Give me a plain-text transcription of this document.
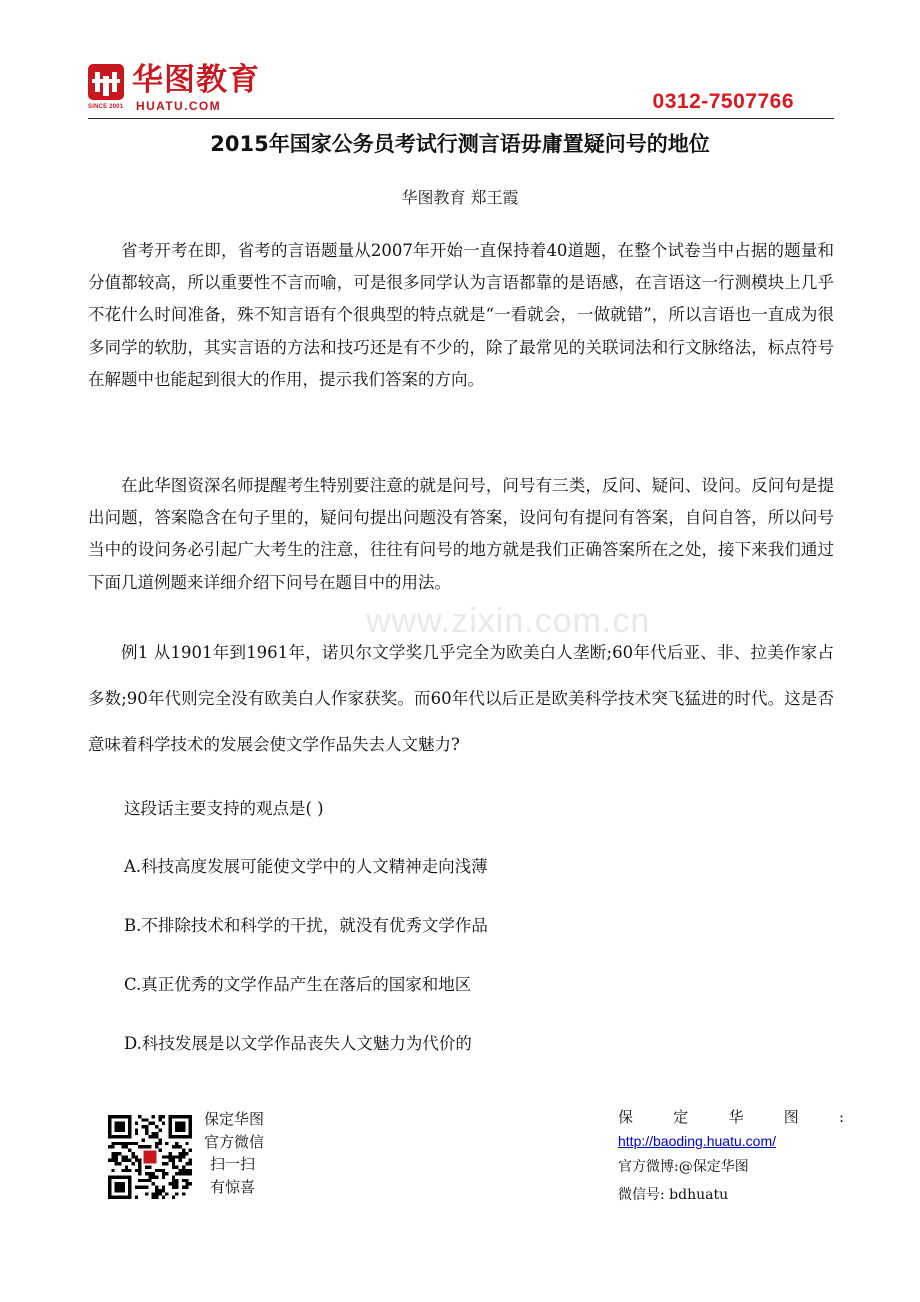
SINCE 2001
华图教育
HUATU.COM	0312-7507766
2015年国家公务员考试行测言语毋庸置疑问号的地位
华图教育 郑王霞

省考开考在即，省考的言语题量从2007年开始一直保持着40道题，在整个试卷当中占据的题量和分值都较高，所以重要性不言而喻，可是很多同学认为言语都靠的是语感，在言语这一行测模块上几乎不花什么时间准备，殊不知言语有个很典型的特点就是“一看就会，一做就错”，所以言语也一直成为很多同学的软肋，其实言语的方法和技巧还是有不少的，除了最常见的关联词法和行文脉络法，标点符号在解题中也能起到很大的作用，提示我们答案的方向。

在此华图资深名师提醒考生特别要注意的就是问号，问号有三类，反问、疑问、设问。反问句是提出问题，答案隐含在句子里的，疑问句提出问题没有答案，设问句有提问有答案，自问自答，所以问号当中的设问务必引起广大考生的注意，往往有问号的地方就是我们正确答案所在之处，接下来我们通过下面几道例题来详细介绍下问号在题目中的用法。

www.zixin.com.cn

例1 从1901年到1961年，诺贝尔文学奖几乎完全为欧美白人垄断;60年代后亚、非、拉美作家占多数;90年代则完全没有欧美白人作家获奖。而60年代以后正是欧美科学技术突飞猛进的时代。这是否意味着科学技术的发展会使文学作品失去人文魅力?

这段话主要支持的观点是( )

A.科技高度发展可能使文学中的人文精神走向浅薄

B.不排除技术和科学的干扰，就没有优秀文学作品

C.真正优秀的文学作品产生在落后的国家和地区

D.科技发展是以文学作品丧失人文魅力为代价的

保定华图
官方微信
扫一扫
有惊喜
保	定	华	图	:
http://baoding.huatu.com/
官方微博:@保定华图
微信号: bdhuatu
